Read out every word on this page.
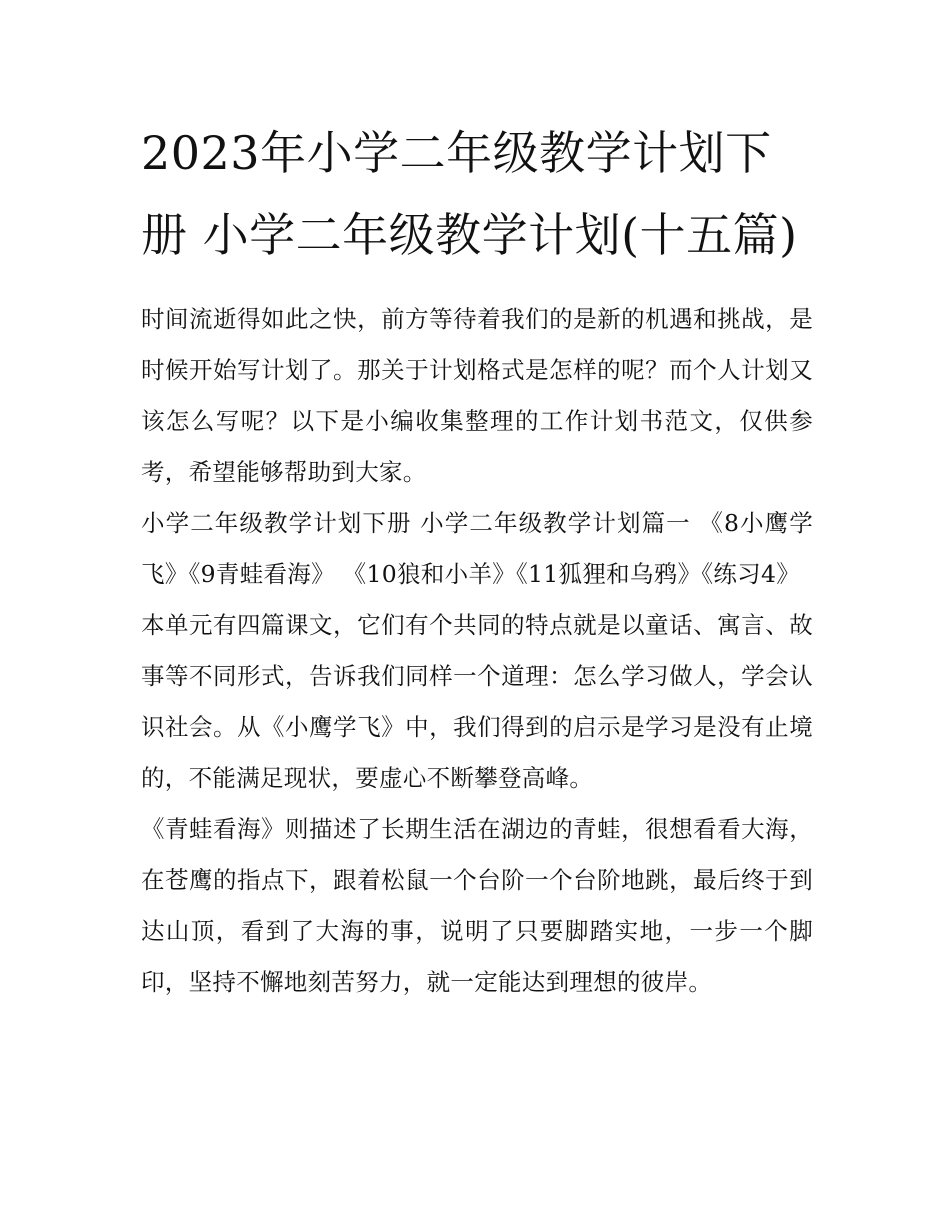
2023年小学二年级教学计划下册 小学二年级教学计划(十五篇)

时间流逝得如此之快，前方等待着我们的是新的机遇和挑战，是时候开始写计划了。那关于计划格式是怎样的呢？而个人计划又该怎么写呢？以下是小编收集整理的工作计划书范文，仅供参考，希望能够帮助到大家。

小学二年级教学计划下册 小学二年级教学计划篇一 《8小鹰学飞》《9青蛙看海》 《10狼和小羊》《11狐狸和乌鸦》《练习4》

本单元有四篇课文，它们有个共同的特点就是以童话、寓言、故事等不同形式，告诉我们同样一个道理：怎么学习做人，学会认识社会。从《小鹰学飞》中，我们得到的启示是学习是没有止境的，不能满足现状，要虚心不断攀登高峰。

《青蛙看海》则描述了长期生活在湖边的青蛙，很想看看大海，在苍鹰的指点下，跟着松鼠一个台阶一个台阶地跳，最后终于到达山顶，看到了大海的事，说明了只要脚踏实地，一步一个脚印，坚持不懈地刻苦努力，就一定能达到理想的彼岸。
